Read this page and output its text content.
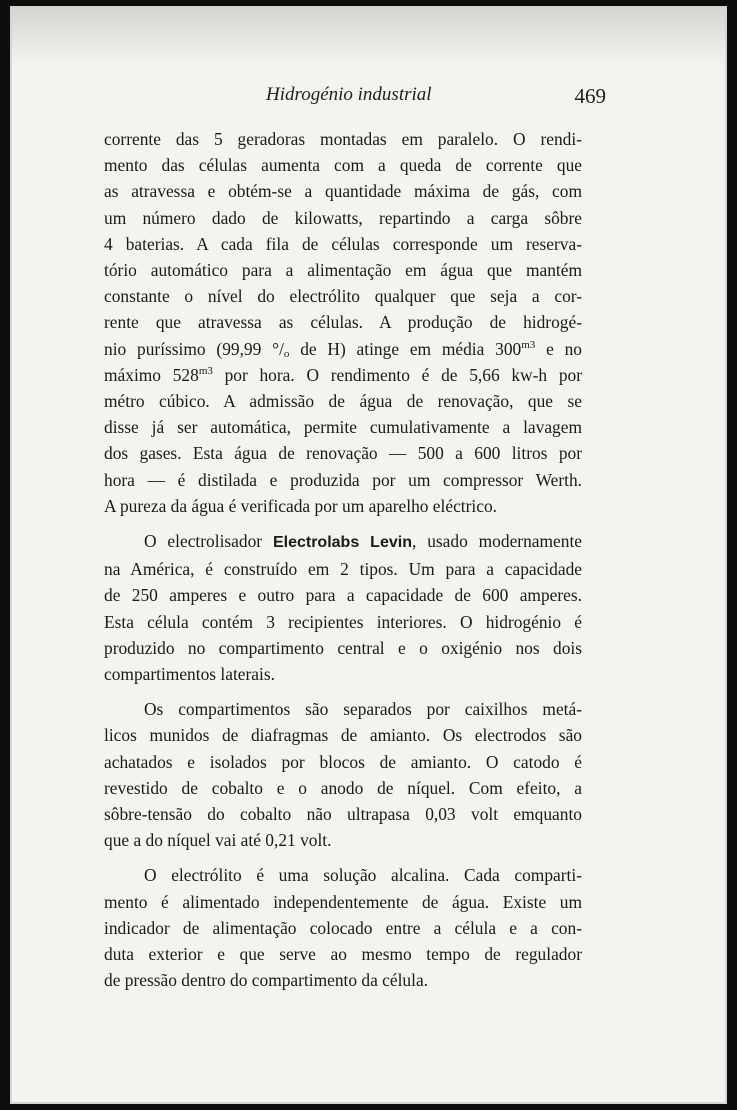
Hidrogénio industrial	469
corrente das 5 geradoras montadas em paralelo. O rendi-
mento das células aumenta com a queda de corrente que
as atravessa e obtém-se a quantidade máxima de gás, com
um número dado de kilowatts, repartindo a carga sôbre
4 baterias. A cada fila de células corresponde um reserva-
tório automático para a alimentação em água que mantém
constante o nível do electrólito qualquer que seja a cor-
rente que atravessa as células. A produção de hidrogé-
nio puríssimo (99,99 °/o de H) atinge em média $300^{m3}$ e no
máximo $528^{m3}$ por hora. O rendimento é de 5,66 kw-h por
métro cúbico. A admissão de água de renovação, que se
disse já ser automática, permite cumulativamente a lavagem
dos gases. Esta água de renovação — 500 a 600 litros por
hora — é distilada e produzida por um compressor Werth.
A pureza da água é verificada por um aparelho eléctrico.
O electrolisador Electrolabs Levin, usado modernamente
na América, é construído em 2 tipos. Um para a capacidade
de 250 amperes e outro para a capacidade de 600 amperes.
Esta célula contém 3 recipientes interiores. O hidrogénio é
produzido no compartimento central e o oxigénio nos dois
compartimentos laterais.
Os compartimentos são separados por caixilhos metá-
licos munidos de diafragmas de amianto. Os electrodos são
achatados e isolados por blocos de amianto. O catodo é
revestido de cobalto e o anodo de níquel. Com efeito, a
sôbre-tensão do cobalto não ultrapasa 0,03 volt emquanto
que a do níquel vai até 0,21 volt.
O electrólito é uma solução alcalina. Cada comparti-
mento é alimentado independentemente de água. Existe um
indicador de alimentação colocado entre a célula e a con-
duta exterior e que serve ao mesmo tempo de regulador
de pressão dentro do compartimento da célula.
